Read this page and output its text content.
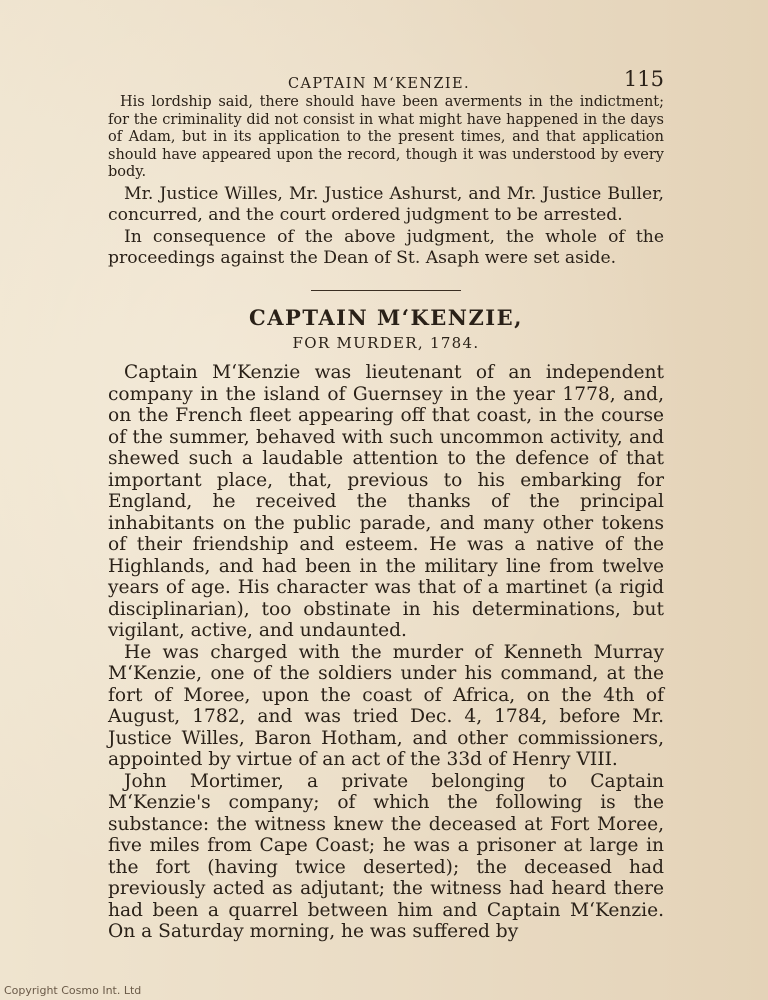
CAPTAIN M‘KENZIE.	115

His lordship said, there should have been averments in the indictment; for the criminality did not consist in what might have happened in the days of Adam, but in its application to the present times, and that application should have appeared upon the record, though it was understood by every body.

Mr. Justice Willes, Mr. Justice Ashurst, and Mr. Justice Buller, concurred, and the court ordered judgment to be arrested.

In consequence of the above judgment, the whole of the proceedings against the Dean of St. Asaph were set aside.

CAPTAIN M‘KENZIE,
FOR MURDER, 1784.

Captain M‘Kenzie was lieutenant of an independent company in the island of Guernsey in the year 1778, and, on the French fleet appearing off that coast, in the course of the summer, behaved with such uncommon activity, and shewed such a laudable attention to the defence of that important place, that, previous to his embarking for England, he received the thanks of the principal inhabitants on the public parade, and many other tokens of their friendship and esteem. He was a native of the Highlands, and had been in the military line from twelve years of age. His character was that of a martinet (a rigid disciplinarian), too obstinate in his determinations, but vigilant, active, and undaunted.

He was charged with the murder of Kenneth Murray M‘Kenzie, one of the soldiers under his command, at the fort of Moree, upon the coast of Africa, on the 4th of August, 1782, and was tried Dec. 4, 1784, before Mr. Justice Willes, Baron Hotham, and other commissioners, appointed by virtue of an act of the 33d of Henry VIII.

John Mortimer, a private belonging to Captain M‘Kenzie's company; of which the following is the substance: the witness knew the deceased at Fort Moree, five miles from Cape Coast; he was a prisoner at large in the fort (having twice deserted); the deceased had previously acted as adjutant; the witness had heard there had been a quarrel between him and Captain M‘Kenzie. On a Saturday morning, he was suffered by

Copyright Cosmo Int. Ltd
